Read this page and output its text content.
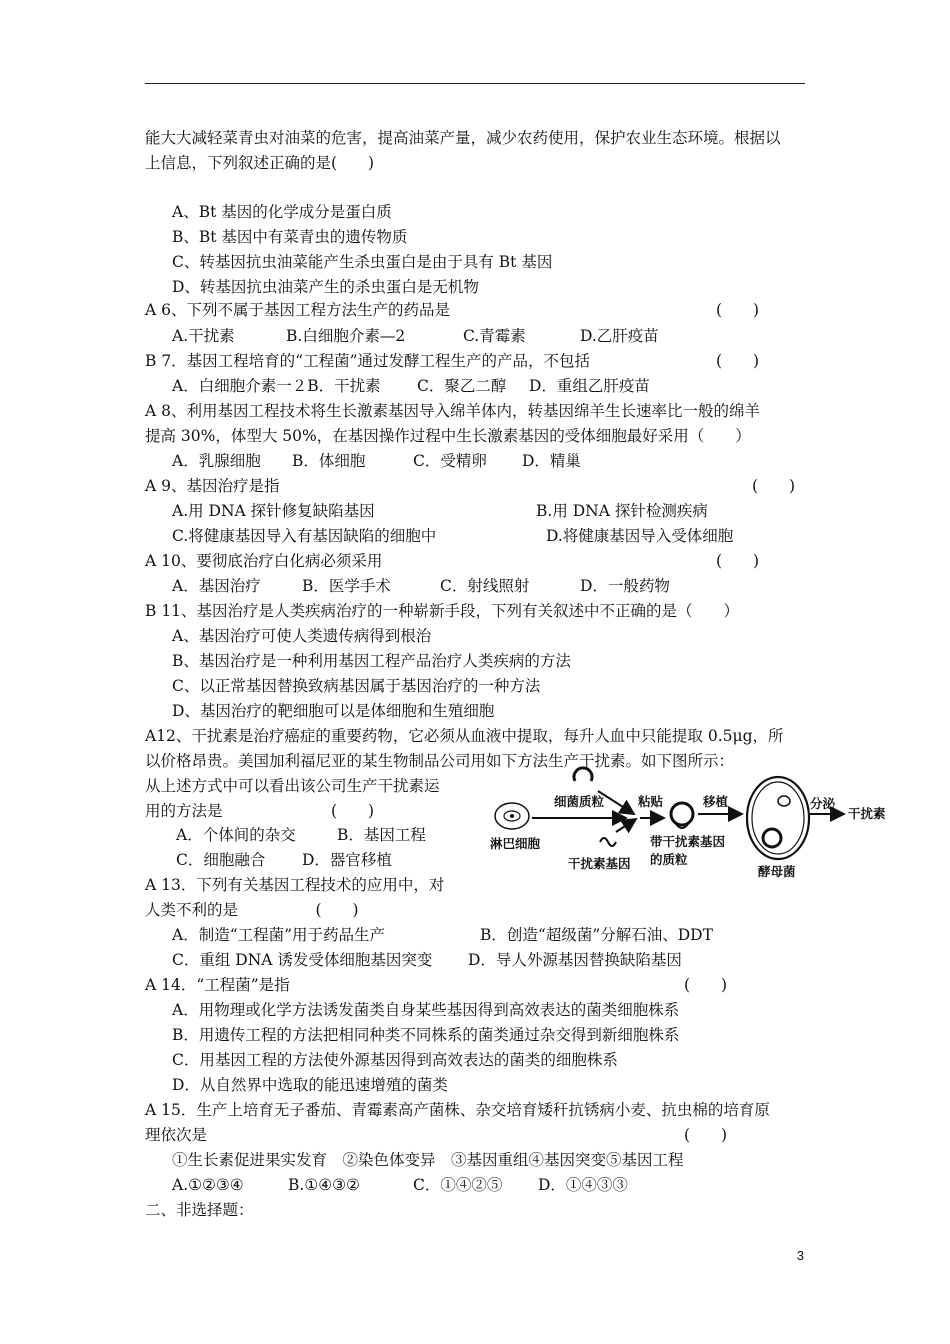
能大大减轻菜青虫对油菜的危害，提高油菜产量，减少农药使用，保护农业生态环境。根据以
上信息，下列叙述正确的是(　　)
A、Bt 基因的化学成分是蛋白质
B、Bt 基因中有菜青虫的遗传物质
C、转基因抗虫油菜能产生杀虫蛋白是由于具有 Bt 基因
D、转基因抗虫油菜产生的杀虫蛋白是无机物
A 6、下列不属于基因工程方法生产的药品是	(　　)
A.干扰素	B.白细胞介素—2	C.青霉素	D.乙肝疫苗
B 7．基因工程培育的“工程菌”通过发酵工程生产的产品，不包括	(　　)
A．白细胞介素一２B．干扰素 C．聚乙二醇 D．重组乙肝疫苗
A 8、利用基因工程技术将生长激素基因导入绵羊体内，转基因绵羊生长速率比一般的绵羊
提高 30%，体型大 50%，在基因操作过程中生长激素基因的受体细胞最好采用（　　）
A．乳腺细胞 B．体细胞	C．受精卵 D．精巢
A 9、基因治疗是指	(　　)
A.用 DNA 探针修复缺陷基因	B.用 DNA 探针检测疾病
C.将健康基因导入有基因缺陷的细胞中	D.将健康基因导入受体细胞
A 10、要彻底治疗白化病必须采用	(　　)
A．基因治疗	B．医学手术	C．射线照射	D．一般药物
B 11、基因治疗是人类疾病治疗的一种崭新手段，下列有关叙述中不正确的是（　　）
A、基因治疗可使人类遗传病得到根治
B、基因治疗是一种利用基因工程产品治疗人类疾病的方法
C、以正常基因替换致病基因属于基因治疗的一种方法
D、基因治疗的靶细胞可以是体细胞和生殖细胞
A12、干扰素是治疗癌症的重要药物，它必须从血液中提取，每升人血中只能提取 0.5μg，所
以价格昂贵。美国加利福尼亚的某生物制品公司用如下方法生产干扰素。如下图所示：
从上述方式中可以看出该公司生产干扰素运
用的方法是　　　　　　　(　　)
A．个体间的杂交	B．基因工程
C．细胞融合 D．器官移植
淋巴细胞
细菌质粒
干扰素基因
粘贴
带干扰素基因
的质粒
移植
酵母菌
分泌
干扰素
A 13．下列有关基因工程技术的应用中，对
人类不利的是　　　　　(　　)
A．制造“工程菌”用于药品生产	B．创造“超级菌”分解石油、DDT
C．重组 DNA 诱发受体细胞基因突变 D．导人外源基因替换缺陷基因
A 14．“工程菌”是指	(　　)
A．用物理或化学方法诱发菌类自身某些基因得到高效表达的菌类细胞株系
B．用遗传工程的方法把相同种类不同株系的菌类通过杂交得到新细胞株系
C．用基因工程的方法使外源基因得到高效表达的菌类的细胞株系
D．从自然界中选取的能迅速增殖的菌类
A 15．生产上培育无子番茄、青霉素高产菌株、杂交培育矮秆抗锈病小麦、抗虫棉的培育原
理依次是	(　　)
①生长素促进果实发育　②染色体变异　③基因重组④基因突变⑤基因工程
A.①②③④	B.①④③②	C．①④②⑤ D．①④③③
二、非选择题：
3
